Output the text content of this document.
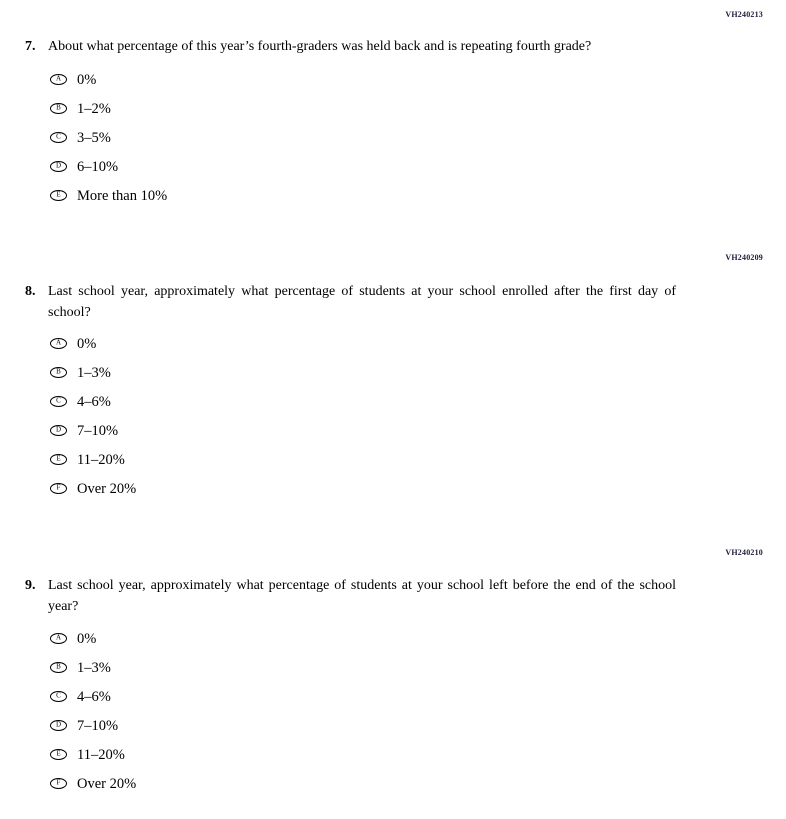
VH240213
7. About what percentage of this year’s fourth-graders was held back and is repeating fourth grade?
A 0%
B 1–2%
C 3–5%
D 6–10%
E More than 10%
VH240209
8. Last school year, approximately what percentage of students at your school enrolled after the first day of school?
A 0%
B 1–3%
C 4–6%
D 7–10%
E 11–20%
F Over 20%
VH240210
9. Last school year, approximately what percentage of students at your school left before the end of the school year?
A 0%
B 1–3%
C 4–6%
D 7–10%
E 11–20%
F Over 20%
